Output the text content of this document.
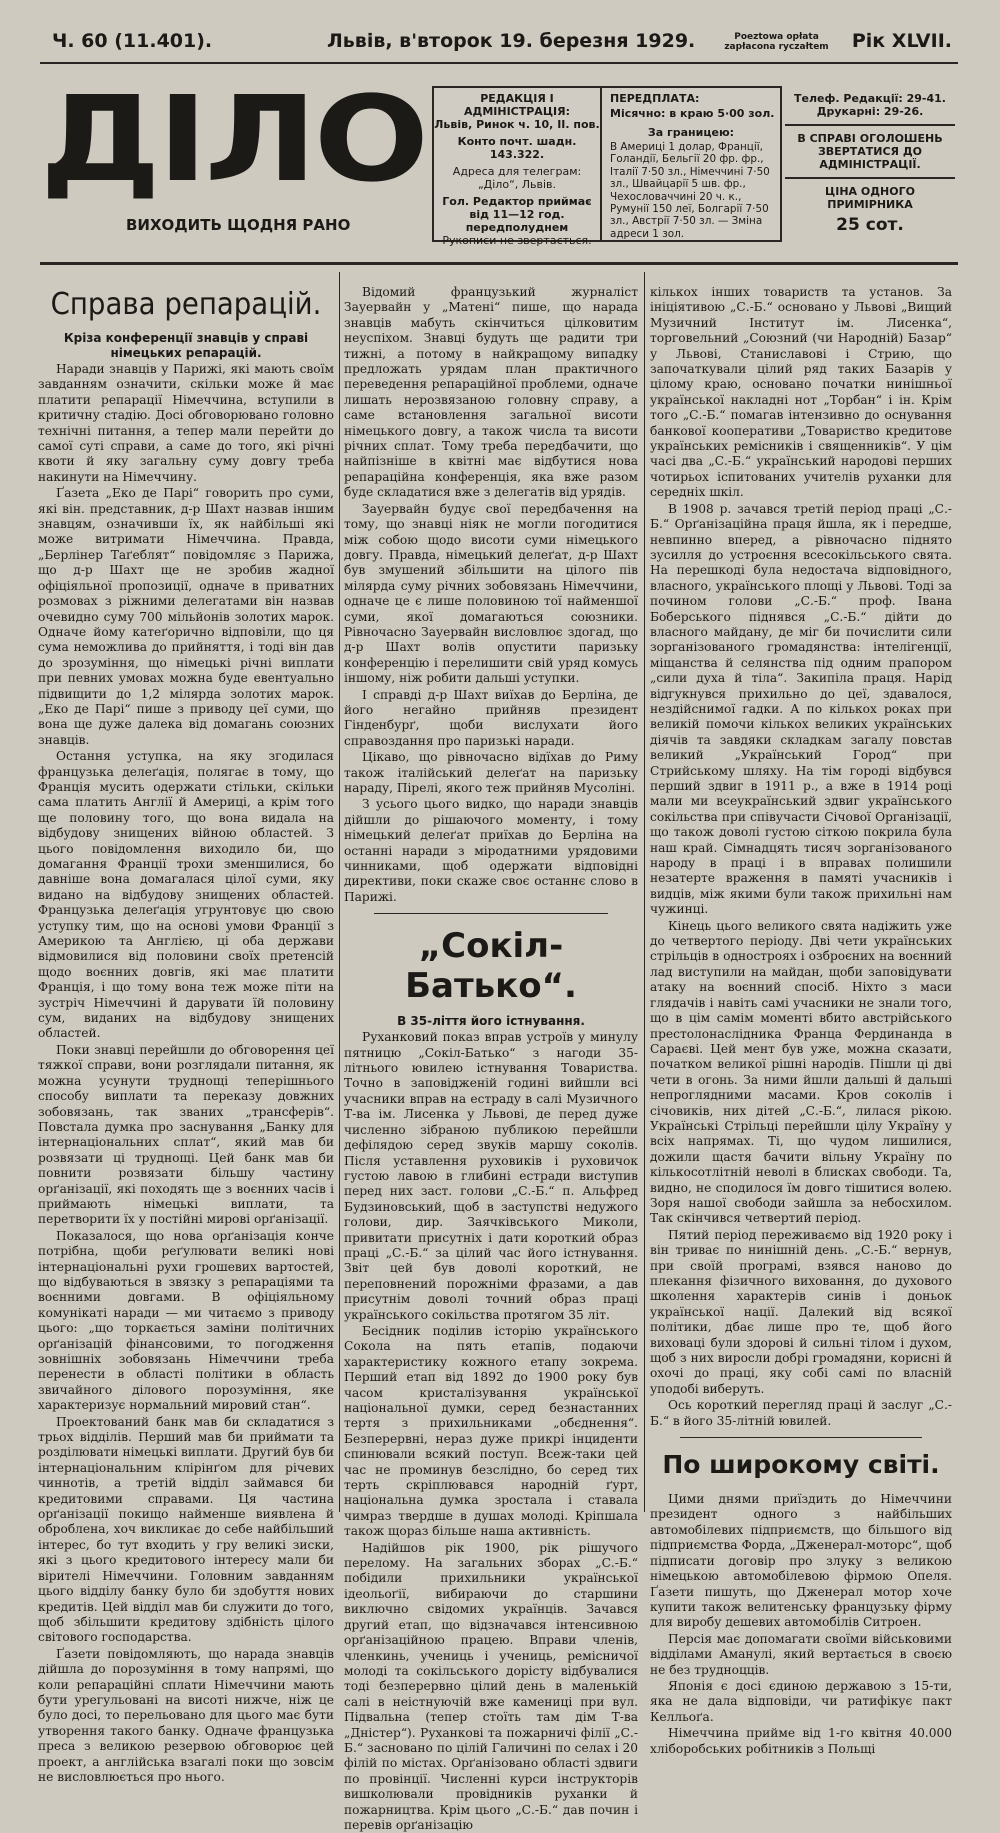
Ч. 60 (11.401).	Львів, в'второк 19. березня 1929.	Poeztowa opłata zapłacona ryczałtem	Рік XLVII.
ДІЛО
ВИХОДИТЬ ЩОДНЯ РАНО

РЕДАКЦІЯ І АДМІНІСТРАЦІЯ:

Львів, Ринок ч. 10, II. пов.

Конто почт. шадн. 143.322.

Адреса для телеграм: „Діло“, Львів.

Гол. Редактор приймає від 11—12 год. передполуднем

Рукописи не звертається.

ПЕРЕДПЛАТА:

Місячно: в краю 5·00 зол.

За границею:

В Америці 1 долар, Франції, Голандії, Бельгії 20 фр. фр., Італії 7·50 зл., Німеччині 7·50 зл., Швайцарії 5 шв. фр., Чехословаччині 20 ч. к., Румунії 150 леї, Болгарії 7·50 зл., Австрії 7·50 зл. — Зміна адреси 1 зол.

Телеф. Редакції: 29-41. Друкарні: 29-26.

В СПРАВІ ОГОЛОШЕНЬ ЗВЕРТАТИСЯ ДО АДМІНІСТРАЦІЇ.

ЦІНА ОДНОГО ПРИМІРНИКА

25 сот.

Справа репарацій.

Кріза конференції знавців у справі німецьких репарацій.

Наради знавців у Парижі, які мають своїм завданням означити, скільки може й має платити репарації Німеччина, вступили в критичну стадію. Досі обговорювано головно технічні питання, а тепер мали перейти до самої суті справи, а саме до того, які річні квоти й яку загальну суму довгу треба накинути на Німеччину.

Ґазета „Еко де Парі“ говорить про суми, які він. представник, д-р Шахт назвав іншим знавцям, означивши їх, як найбільші які може витримати Німеччина. Правда, „Берлінер Таґеблят“ повідомляє з Парижа, що д-р Шахт ще не зробив жадної офіціяльної пропозиції, одначе в приватних розмовах з ріжними делегатами він назвав очевидно суму 700 мільйонів золотих марок. Одначе йому катеґорично відповіли, що ця сума неможлива до прийняття, і тоді він дав до зрозуміння, що німецькі річні виплати при певних умовах можна буде евентуально підвищити до 1,2 мілярда золотих марок. „Еко де Парі“ пише з приводу цеї суми, що вона ще дуже далека від домагань союзних знавців.

Остання уступка, на яку згодилася французька делеґація, полягає в тому, що Франція мусить одержати стільки, скільки сама платить Англії й Америці, а крім того ще половину того, що вона видала на відбудову знищених війною областей. З цього повідомлення виходило би, що домагання Франції трохи зменшилися, бо давніше вона домагалася цілої суми, яку видано на відбудову знищених областей. Французька делеґація угрунтовує цю свою уступку тим, що на основі умови Франції з Америкою та Англією, ці оба держави відмовилися від половини своїх претенсій щодо воєнних довгів, які має платити Франція, і що тому вона теж може піти на зустріч Німеччині й дарувати їй половину сум, виданих на відбудову знищених областей.

Поки знавці перейшли до обговорення цеї тяжкої справи, вони розглядали питання, як можна усунути труднощі теперішнього способу виплати та переказу довжних зобовязань, так званих „трансферів“. Повстала думка про заснування „Банку для інтернаціональних сплат“, який мав би розвязати ці труднощі. Цей банк мав би повнити розвязати більшу частину орґанізації, які походять ще з воєнних часів і приймають німецькі виплати, та перетворити їх у постійні мирові орґанізації.

Показалося, що нова орґанізація конче потрібна, щоби реґулювати великі нові інтернаціональні рухи грошевих вартостей, що відбуваються в звязку з репараціями та воєнними довгами. В офіціяльному комунікаті наради — ми читаємо з приводу цього: „що торкається заміни політичних орґанізацій фінансовими, то погодження зовнішніх зобовязань Німеччини треба перенести в області політики в область звичайного ділового порозуміння, яке характеризує нормальний мировий стан“.

Проектований банк мав би складатися з трьох відділів. Перший мав би приймати та розділювати німецькі виплати. Другий був би інтернаціональним клірінґом для річевих чиннотів, а третій відділ займався би кредитовими справами. Ця частина орґанізації покищо найменше виявлена й оброблена, хоч викликає до себе найбільший інтерес, бо тут входить у гру великі зиски, які з цього кредитового інтересу мали би вірителі Німеччини. Головним завданням цього відділу банку було би здобуття нових кредитів. Цей відділ мав би служити до того, щоб збільшити кредитову здібність цілого світового господарства.

Ґазети повідомляють, що нарада знавців дійшла до порозуміння в тому напрямі, що коли репараційні сплати Німеччини мають бути урегульовані на висоті нижче, ніж це було досі, то перельовано для цього має бути утворення такого банку. Одначе французька преса з великою резервою обговорює цей проект, а англійська взагалі поки що зовсім не висловлюється про нього.

Відомий французький журналіст Зауервайн у „Матені“ пише, що нарада знавців мабуть скінчиться цілковитим неуспіхом. Знавці будуть ще радити три тижні, а потому в найкращому випадку предложать урядам план практичного переведення репараційної проблеми, одначе лишать нерозвязаною головну справу, а саме встановлення загальної висоти німецького довгу, а також числа та висоти річних сплат. Тому треба передбачити, що найпізніше в квітні має відбутися нова репараційна конференція, яка вже разом буде складатися вже з делегатів від урядів.

Зауервайн будує свої передбачення на тому, що знавці ніяк не могли погодитися між собою щодо висоти суми німецького довгу. Правда, німецький делеґат, д-р Шахт був змушений збільшити на цілого пів мілярда суму річних зобовязань Німеччини, одначе це є лише половиною тої найменшої суми, якої домагаються союзники. Рівночасно Зауервайн висловлює здогад, що д-р Шахт волів опустити паризьку конференцію і перелишити свій уряд комусь іншому, ніж робити дальші уступки.

І справді д-р Шахт виїхав до Берліна, де його негайно прийняв президент Гінденбурґ, щоби вислухати його справоздання про паризькі наради.

Цікаво, що рівночасно відїхав до Риму також італійський делеґат на паризьку нараду, Пірелі, якого теж прийняв Мусоліні.

З усього цього видко, що наради знавців дійшли до рішаючого моменту, і тому німецький делеґат приїхав до Берліна на останні наради з міродатними урядовими чинниками, щоб одержати відповідні директиви, поки скаже своє останнє слово в Парижі.

„Сокіл-Батько“.

В 35-ліття його істнування.

Руханковий показ вправ устроїв у минулу пятницю „Сокіл-Батько“ з нагоди 35-літнього ювилею істнування Товариства. Точно в заповідженій годині вийшли всі учасники вправ на естраду в салі Музичного Т-ва ім. Лисенка у Львові, де перед дуже численно зібраною публикою перейшли дефілядою серед звуків маршу соколів. Після уставлення руховиків і руховичок густою лавою в глибині естради виступив перед них заст. голови „С.-Б.“ п. Альфред Будзиновський, щоб в заступстві недужого голови, дир. Заячківського Миколи, привитати присутніх і дати короткий образ праці „С.-Б.“ за цілий час його істнування. Звіт цей був доволі короткий, не переповнений порожніми фразами, а дав присутнім доволі точний образ праці українського сокільства протягом 35 літ.

Бесідник поділив історію українського Сокола на пять етапів, подаючи характеристику кожного етапу зокрема. Перший етап від 1892 до 1900 року був часом кристалізування української національної думки, серед безнастанних тертя з прихильниками „обєднення“. Безперервні, нераз дуже прикрі інциденти спинювали всякий поступ. Всеж-таки цей час не проминув безслідно, бо серед тих терть скріплювався народній ґурт, національна думка зростала і ставала чимраз твердше в душах молоді. Кріпшала також щораз більше наша активність.

Надійшов рік 1900, рік рішучого перелому. На загальних зборах „С.-Б.“ побідили прихильники української ідеольоґії, вибираючи до старшини виключно свідомих українців. Зачався другий етап, що відзначався інтенсивною орґанізаційною працею. Вправи членів, членкинь, учениць і учениць, ремісничої молоді та сокільського дорісту відбувалися тоді безперервно цілий день в маленькій салі в неістнуючій вже камениці при вул. Підвальна (тепер стоїть там дім Т-ва „Дністер“). Руханкові та пожарничі філії „С.-Б.“ засновано по цілій Галичині по селах і 20 філій по містах. Орґанізовано області здвиги по провінції. Численні курси інструкторів вишколювали провідників руханки й пожарництва. Крім цього „С.-Б.“ дав почин і перевів орґанізацію

кількох інших товариств та установ. За ініціятивою „С.-Б.“ основано у Львові „Вищий Музичний Інститут ім. Лисенка“, торговельний „Союзний (чи Народній) Базар“ у Львові, Станиславові і Стрию, що започаткували цілий ряд таких Базарів у цілому краю, основано початки нинішньої української накладні нот „Торбан“ і ін. Крім того „С.-Б.“ помагав інтензивно до оснування банкової кооперативи „Товариство кредитове українських ремісників і священників“. У цім часі два „С.-Б.“ український народові перших чотирьох іспитованих учителів руханки для середніх шкіл.

В 1908 р. зачався третій період праці „С.-Б.“ Орґанізаційна праця йшла, як і передше, невпинно вперед, а рівночасно піднято зусилля до устроєння всесокільського свята. На перешкоді була недостача відповідного, власного, українського площі у Львові. Тоді за почином голови „С.-Б.“ проф. Івана Боберського піднявся „С.-Б.“ дійти до власного майдану, де міг би почислити сили зорганізованого громадянства: інтелігенції, міщанства й селянства під одним прапором „сили духа й тіла“. Закипіла праця. Нарід відгукнувся прихильно до цеї, здавалося, нездійснимої гадки. А по кількох роках при великій помочи кількох великих українських діячів та завдяки складкам загалу повстав великий „Український Город“ при Стрийському шляху. На тім городі відбувся перший здвиг в 1911 р., а вже в 1914 році мали ми всеукраїнський здвиг українського сокільства при співучасти Січової Організації, що також доволі густою сіткою покрила була наш край. Сімнадцять тисяч зорганізованого народу в праці і в вправах полишили незатерте враження в памяті учасників і видців, між якими були також прихильні нам чужинці.

Кінець цього великого свята надіжить уже до четвертого періоду. Дві чети українських стрільців в одностроях і озброєних на воєнний лад виступили на майдан, щоби заповідувати атаку на воєнний спосіб. Ніхто з маси глядачів і навіть самі учасники не знали того, що в цім самім моменті вбито австрійського престолонаслідника Франца Фердинанда в Сараєві. Цей мент був уже, можна сказати, початком великої рішні народів. Пішли ці дві чети в огонь. За ними йшли дальші й дальші непроглядними масами. Кров соколів і січовиків, них дітей „С.-Б.“, лилася рікою. Українські Стрільці перейшли цілу Україну у всіх напрямах. Ті, що чудом лишилися, дожили щастя бачити вільну Україну по кількосотлітній неволі в блисках свободи. Та, видно, не сподилося їм довго тішитися волею. Зоря нашої свободи зайшла за небосхилом. Так скінчився четвертий період.

Пятий період переживаємо від 1920 року і він триває по нинішній день. „С.-Б.“ вернув, при своїй програмі, взявся наново до плекання фізичного виховання, до духового школення характерів синів і доньок української нації. Далекий від всякої політики, дбає лише про те, щоб його виховаці були здорові й сильні тілом і духом, щоб з них виросли добрі громадяни, корисні й охочі до праці, яку собі самі по власній уподобі виберуть.

Ось короткий перегляд праці й заслуг „С.-Б.“ в його 35-літній ювилей.

По широкому світі.

Цими днями приїздить до Німеччини президент одного з найбільших автомобілевих підприємств, що більшого від підприємства Форда, „Дженерал-моторс“, щоб підписати договір про злуку з великою німецькою автомобілевою фірмою Опеля. Ґазети пишуть, що Дженерал мотор хоче купити також велитенську французьку фірму для виробу дешевих автомобілів Ситроен.

Персія має допомагати своїми військовими відділами Аманулі, який вертається в своєю не без трудноцців.

Японія є досі єдиною державою з 15-ти, яка не дала відповіди, чи ратифікує пакт Келльоґа.

Німеччина прийме від 1-го квітня 40.000 хліборобських робітників з Польщі
